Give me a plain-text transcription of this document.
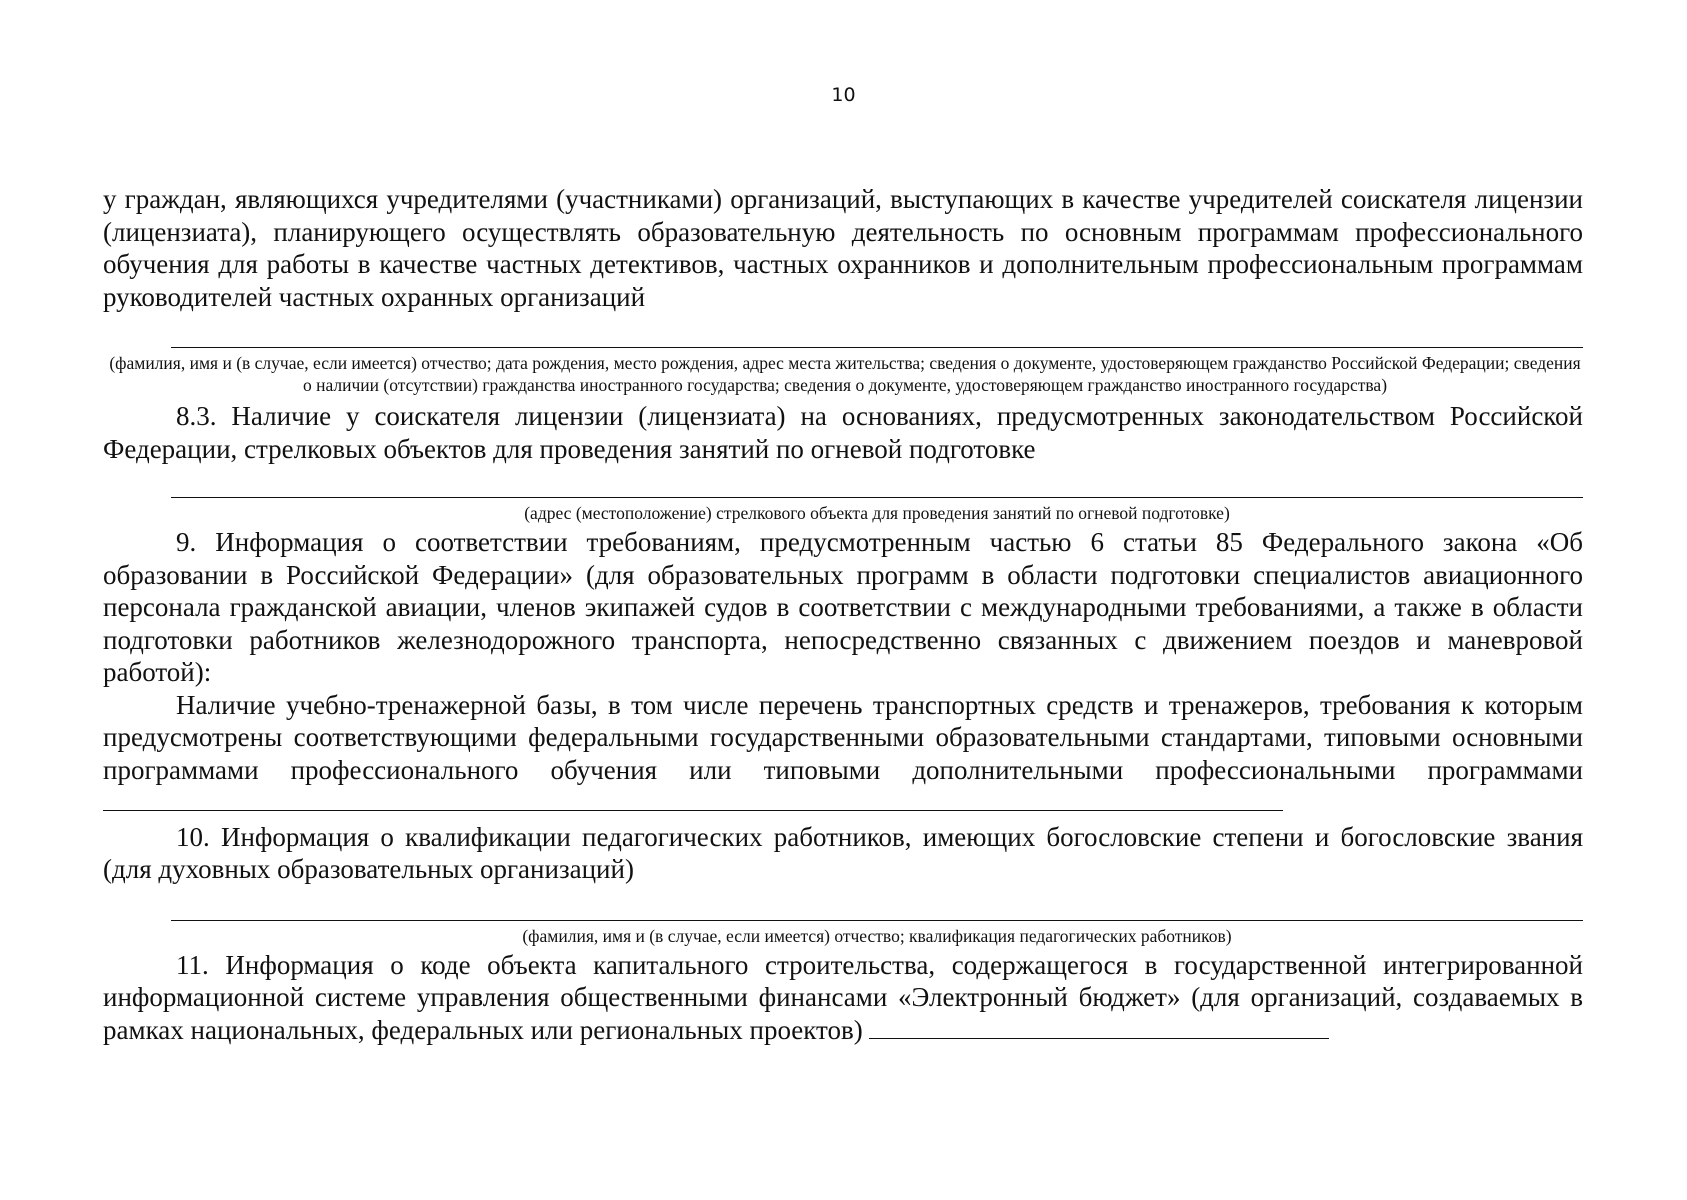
10

у граждан, являющихся учредителями (участниками) организаций, выступающих в качестве учредителей соискателя лицензии (лицензиата), планирующего осуществлять образовательную деятельность по основным программам профессионального обучения для работы в качестве частных детективов, частных охранников и дополнительным профессиональным программам руководителей частных охранных организаций

(фамилия, имя и (в случае, если имеется) отчество; дата рождения, место рождения, адрес места жительства; сведения о документе, удостоверяющем гражданство Российской Федерации; сведения о наличии (отсутствии) гражданства иностранного государства; сведения о документе, удостоверяющем гражданство иностранного государства)

8.3. Наличие у соискателя лицензии (лицензиата) на основаниях, предусмотренных законодательством Российской Федерации, стрелковых объектов для проведения занятий по огневой подготовке

(адрес (местоположение) стрелкового объекта для проведения занятий по огневой подготовке)

9. Информация о соответствии требованиям, предусмотренным частью 6 статьи 85 Федерального закона «Об образовании в Российской Федерации» (для образовательных программ в области подготовки специалистов авиационного персонала гражданской авиации, членов экипажей судов в соответствии с международными требованиями, а также в области подготовки работников железнодорожного транспорта, непосредственно связанных с движением поездов и маневровой работой):

Наличие учебно-тренажерной базы, в том числе перечень транспортных средств и тренажеров, требования к которым предусмотрены соответствующими федеральными государственными образовательными стандартами, типовыми основными программами профессионального обучения или типовыми дополнительными профессиональными программами

10. Информация о квалификации педагогических работников, имеющих богословские степени и богословские звания (для духовных образовательных организаций)

(фамилия, имя и (в случае, если имеется) отчество; квалификация педагогических работников)

11. Информация о коде объекта капитального строительства, содержащегося в государственной интегрированной информационной системе управления общественными финансами «Электронный бюджет» (для организаций, создаваемых в рамках национальных, федеральных или региональных проектов)
